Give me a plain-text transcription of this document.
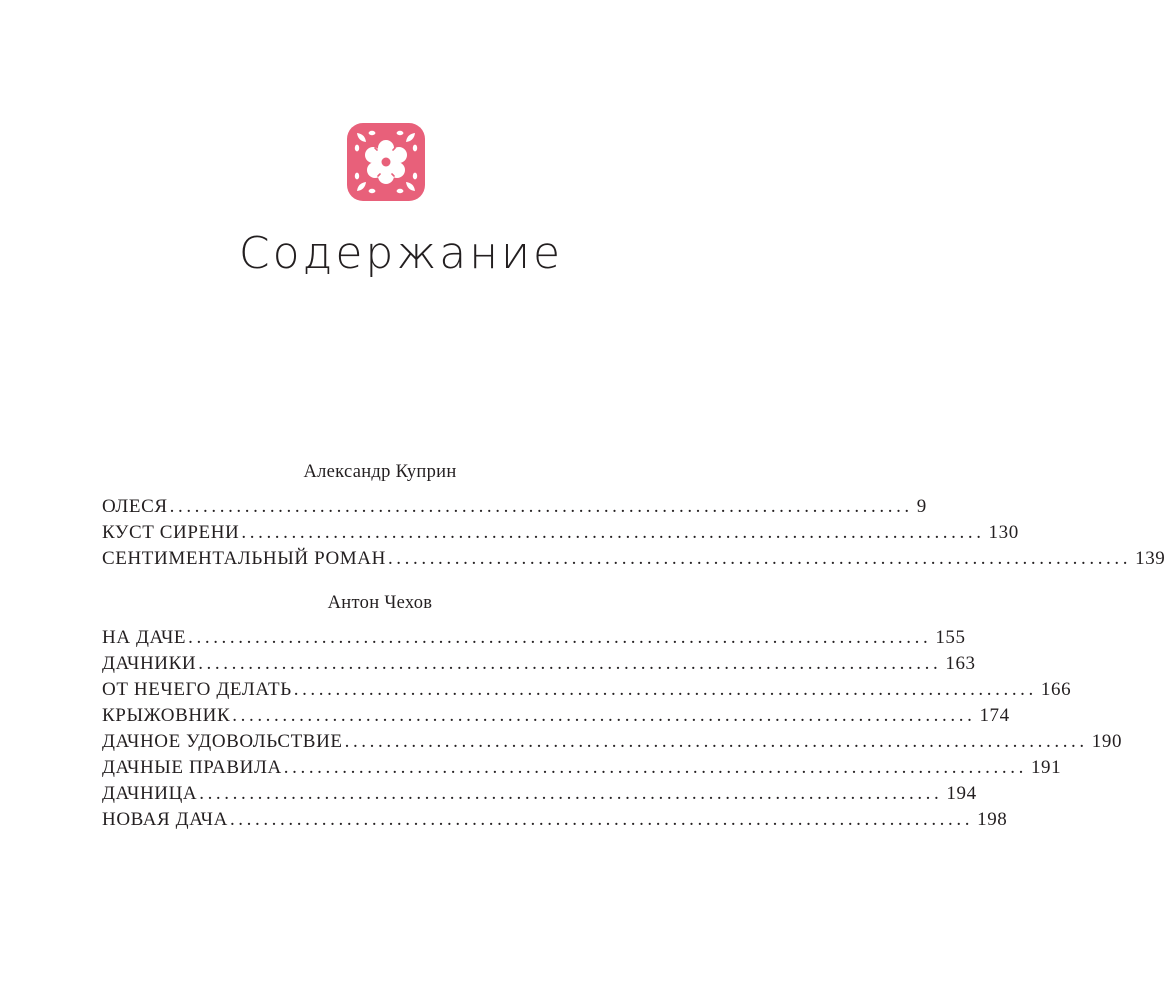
Содержание
Александр Куприн
ОЛЕСЯ ......................................................................................... 9
КУСТ СИРЕНИ ......................................................................................... 130
СЕНТИМЕНТАЛЬНЫЙ РОМАН ......................................................................................... 139
Антон Чехов
НА ДАЧЕ ......................................................................................... 155
ДАЧНИКИ ......................................................................................... 163
ОТ НЕЧЕГО ДЕЛАТЬ ......................................................................................... 166
КРЫЖОВНИК ......................................................................................... 174
ДАЧНОЕ УДОВОЛЬСТВИЕ ......................................................................................... 190
ДАЧНЫЕ ПРАВИЛА ......................................................................................... 191
ДАЧНИЦА ......................................................................................... 194
НОВАЯ ДАЧА ......................................................................................... 198
